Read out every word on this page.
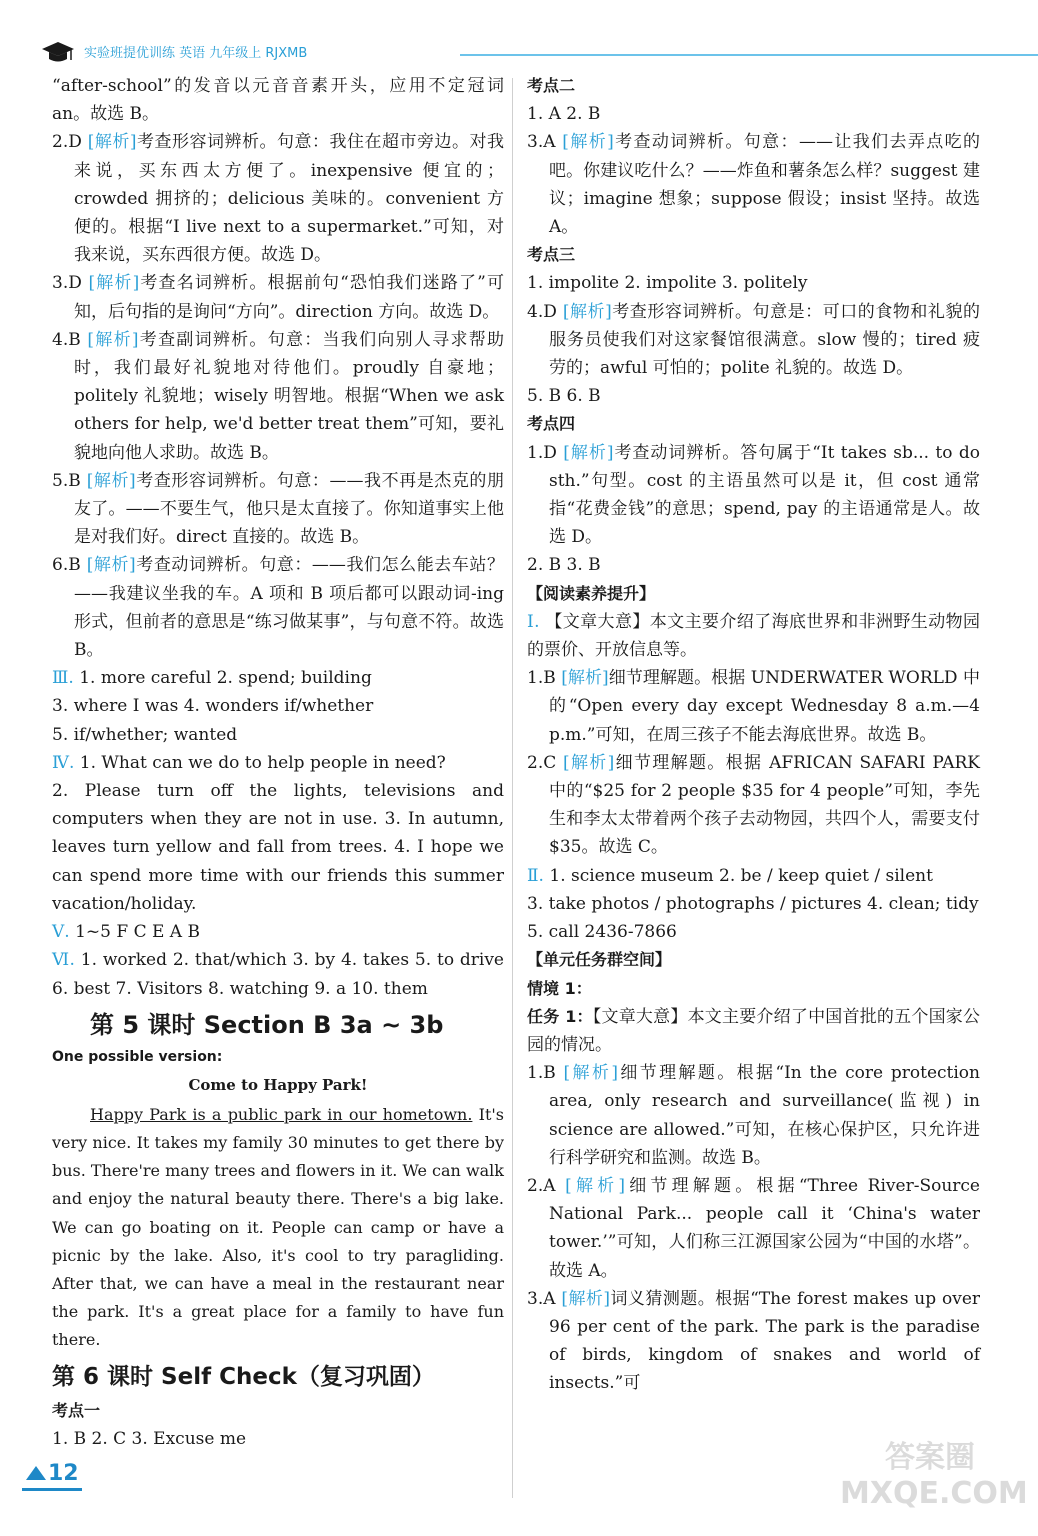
实验班提优训练 英语 九年级上 RJXMB

“after-school”的发音以元音音素开头，应用不定冠词 an。故选 B。

2.D [解析]考查形容词辨析。句意：我住在超市旁边。对我来说，买东西太方便了。inexpensive 便宜的；crowded 拥挤的；delicious 美味的。convenient 方便的。根据“I live next to a supermarket.”可知，对我来说，买东西很方便。故选 D。

3.D [解析]考查名词辨析。根据前句“恐怕我们迷路了”可知，后句指的是询问“方向”。direction 方向。故选 D。

4.B [解析]考查副词辨析。句意：当我们向别人寻求帮助时，我们最好礼貌地对待他们。proudly 自豪地；politely 礼貌地；wisely 明智地。根据“When we ask others for help, we'd better treat them”可知，要礼貌地向他人求助。故选 B。

5.B [解析]考查形容词辨析。句意：——我不再是杰克的朋友了。——不要生气，他只是太直接了。你知道事实上他是对我们好。direct 直接的。故选 B。

6.B [解析]考查动词辨析。句意：——我们怎么能去车站？——我建议坐我的车。A 项和 B 项后都可以跟动词-ing 形式，但前者的意思是“练习做某事”，与句意不符。故选 B。

Ⅲ. 1. more careful 2. spend; building

3. where I was 4. wonders if/whether

5. if/whether; wanted

Ⅳ. 1. What can we do to help people in need?

2. Please turn off the lights, televisions and computers when they are not in use. 3. In autumn, leaves turn yellow and fall from trees. 4. I hope we can spend more time with our friends this summer vacation/holiday.

Ⅴ. 1~5 F C E A B

Ⅵ. 1. worked 2. that/which 3. by 4. takes 5. to drive 6. best 7. Visitors 8. watching 9. a 10. them

第 5 课时 Section B 3a ~ 3b

One possible version:

Come to Happy Park!

Happy Park is a public park in our hometown. It's very nice. It takes my family 30 minutes to get there by bus. There're many trees and flowers in it. We can walk and enjoy the natural beauty there. There's a big lake. We can go boating on it. People can camp or have a picnic by the lake. Also, it's cool to try paragliding. After that, we can have a meal in the restaurant near the park. It's a great place for a family to have fun there.

第 6 课时 Self Check（复习巩固）

考点一

1. B 2. C 3. Excuse me

考点二

1. A 2. B

3.A [解析]考查动词辨析。句意：——让我们去弄点吃的吧。你建议吃什么？——炸鱼和薯条怎么样？suggest 建议；imagine 想象；suppose 假设；insist 坚持。故选 A。

考点三

1. impolite 2. impolite 3. politely

4.D [解析]考查形容词辨析。句意是：可口的食物和礼貌的服务员使我们对这家餐馆很满意。slow 慢的；tired 疲劳的；awful 可怕的；polite 礼貌的。故选 D。

5. B 6. B

考点四

1.D [解析]考查动词辨析。答句属于“It takes sb... to do sth.”句型。cost 的主语虽然可以是 it，但 cost 通常指“花费金钱”的意思；spend, pay 的主语通常是人。故选 D。

2. B 3. B

【阅读素养提升】

Ⅰ. 【文章大意】本文主要介绍了海底世界和非洲野生动物园的票价、开放信息等。

1.B [解析]细节理解题。根据 UNDERWATER WORLD 中的“Open every day except Wednesday 8 a.m.—4 p.m.”可知，在周三孩子不能去海底世界。故选 B。

2.C [解析]细节理解题。根据 AFRICAN SAFARI PARK 中的“$25 for 2 people $35 for 4 people”可知，李先生和李太太带着两个孩子去动物园，共四个人，需要支付 $35。故选 C。

Ⅱ. 1. science museum 2. be / keep quiet / silent

3. take photos / photographs / pictures 4. clean; tidy

5. call 2436-7866

【单元任务群空间】

情境 1：

任务 1：【文章大意】本文主要介绍了中国首批的五个国家公园的情况。

1.B [解析]细节理解题。根据“In the core protection area, only research and surveillance(监视) in science are allowed.”可知，在核心保护区，只允许进行科学研究和监测。故选 B。

2.A [解析]细节理解题。根据“Three River-Source National Park... people call it ‘China's water tower.’”可知，人们称三江源国家公园为“中国的水塔”。故选 A。

3.A [解析]词义猜测题。根据“The forest makes up over 96 per cent of the park. The park is the paradise of birds, kingdom of snakes and world of insects.”可

12	答案圈 MXQE.COM
